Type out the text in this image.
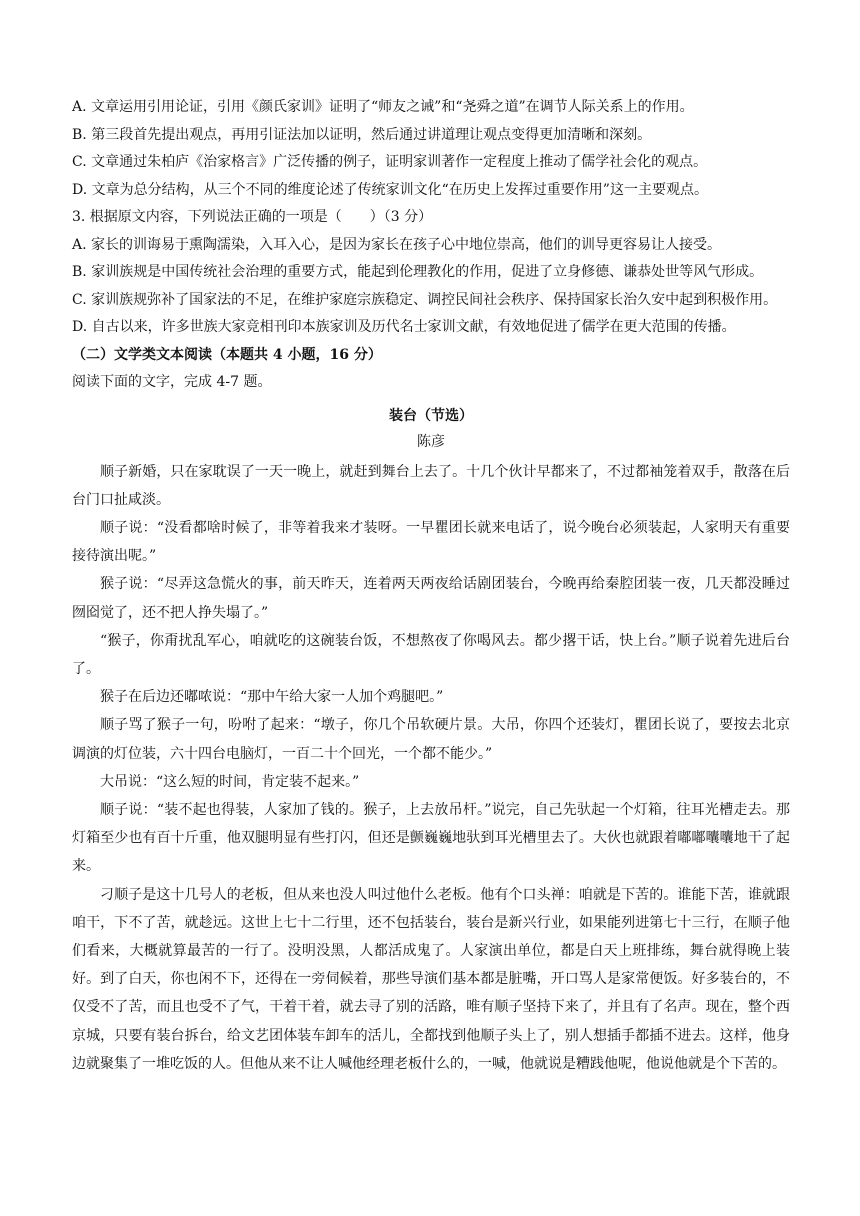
A. 文章运用引用论证，引用《颜氏家训》证明了“师友之诫”和“尧舜之道”在调节人际关系上的作用。

B. 第三段首先提出观点，再用引证法加以证明，然后通过讲道理让观点变得更加清晰和深刻。

C. 文章通过朱柏庐《治家格言》广泛传播的例子，证明家训著作一定程度上推动了儒学社会化的观点。

D. 文章为总分结构，从三个不同的维度论述了传统家训文化“在历史上发挥过重要作用”这一主要观点。

3. 根据原文内容，下列说法正确的一项是（　　）（3 分）

A. 家长的训诲易于熏陶濡染，入耳入心，是因为家长在孩子心中地位崇高，他们的训导更容易让人接受。

B. 家训族规是中国传统社会治理的重要方式，能起到伦理教化的作用，促进了立身修德、谦恭处世等风气形成。

C. 家训族规弥补了国家法的不足，在维护家庭宗族稳定、调控民间社会秩序、保持国家长治久安中起到积极作用。

D. 自古以来，许多世族大家竞相刊印本族家训及历代名士家训文献，有效地促进了儒学在更大范围的传播。

（二）文学类文本阅读（本题共 4 小题，16 分）

阅读下面的文字，完成 4-7 题。

装台（节选）

陈彦

顺子新婚，只在家耽误了一天一晚上，就赶到舞台上去了。十几个伙计早都来了，不过都袖笼着双手，散落在后台门口扯咸淡。

顺子说：“没看都啥时候了，非等着我来才装呀。一早瞿团长就来电话了，说今晚台必须装起，人家明天有重要接待演出呢。”

猴子说：“尽弄这急慌火的事，前天昨天，连着两天两夜给话剧团装台，今晚再给秦腔团装一夜，几天都没睡过囫囵觉了，还不把人挣失塌了。”

“猴子，你甭扰乱军心，咱就吃的这碗装台饭，不想熬夜了你喝风去。都少撂干话，快上台。”顺子说着先进后台了。

猴子在后边还嘟哝说：“那中午给大家一人加个鸡腿吧。”

顺子骂了猴子一句，吩咐了起来：“墩子，你几个吊软硬片景。大吊，你四个还装灯，瞿团长说了，要按去北京调演的灯位装，六十四台电脑灯，一百二十个回光，一个都不能少。”

大吊说：“这么短的时间，肯定装不起来。”

顺子说：“装不起也得装，人家加了钱的。猴子，上去放吊杆。”说完，自己先驮起一个灯箱，往耳光槽走去。那灯箱至少也有百十斤重，他双腿明显有些打闪，但还是颤巍巍地驮到耳光槽里去了。大伙也就跟着嘟嘟囔囔地干了起来。

刁顺子是这十几号人的老板，但从来也没人叫过他什么老板。他有个口头禅：咱就是下苦的。谁能下苦，谁就跟咱干，下不了苦，就趁远。这世上七十二行里，还不包括装台，装台是新兴行业，如果能列进第七十三行，在顺子他们看来，大概就算最苦的一行了。没明没黑，人都活成鬼了。人家演出单位，都是白天上班排练，舞台就得晚上装好。到了白天，你也闲不下，还得在一旁伺候着，那些导演们基本都是脏嘴，开口骂人是家常便饭。好多装台的，不仅受不了苦，而且也受不了气，干着干着，就去寻了别的活路，唯有顺子坚持下来了，并且有了名声。现在，整个西京城，只要有装台拆台，给文艺团体装车卸车的活儿，全都找到他顺子头上了，别人想插手都插不进去。这样，他身边就聚集了一堆吃饭的人。但他从来不让人喊他经理老板什么的，一喊，他就说是糟践他呢，他说他就是个下苦的。
